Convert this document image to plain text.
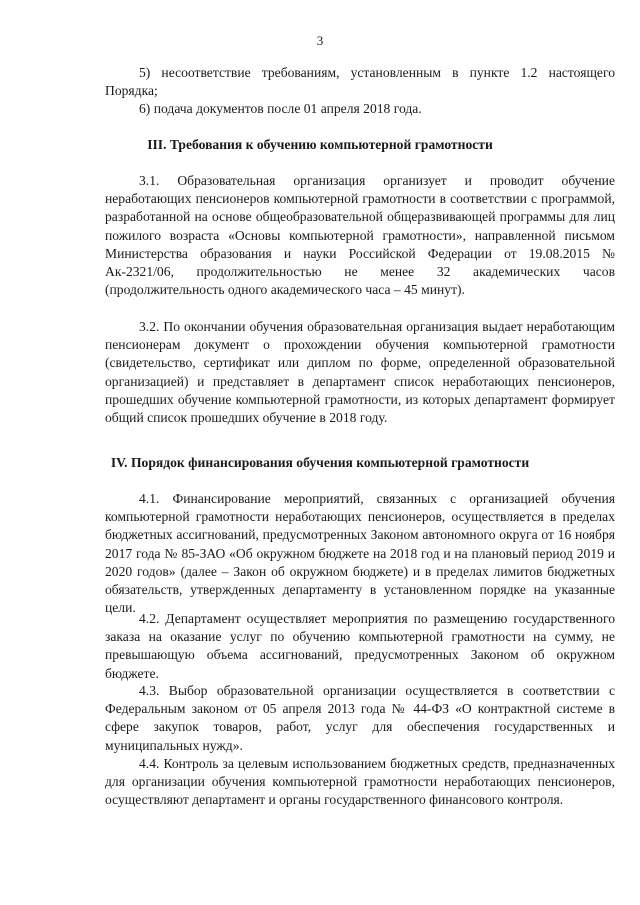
3

5) несоответствие требованиям, установленным в пункте 1.2 настоящего Порядка;

6) подача документов после 01 апреля 2018 года.

III. Требования к обучению компьютерной грамотности

3.1. Образовательная организация организует и проводит обучение неработающих пенсионеров компьютерной грамотности в соответствии с программой, разработанной на основе общеобразовательной общеразвивающей программы для лиц пожилого возраста «Основы компьютерной грамотности», направленной письмом Министерства образования и науки Российской Федерации от 19.08.2015 № Ак-2321/06, продолжительностью не менее 32 академических часов (продолжительность одного академического часа – 45 минут).

3.2. По окончании обучения образовательная организация выдает неработающим пенсионерам документ о прохождении обучения компьютерной грамотности (свидетельство, сертификат или диплом по форме, определенной образовательной организацией) и представляет в департамент список неработающих пенсионеров, прошедших обучение компьютерной грамотности, из которых департамент формирует общий список прошедших обучение в 2018 году.

IV. Порядок финансирования обучения компьютерной грамотности

4.1. Финансирование мероприятий, связанных с организацией обучения компьютерной грамотности неработающих пенсионеров, осуществляется в пределах бюджетных ассигнований, предусмотренных Законом автономного округа от 16 ноября 2017 года № 85-ЗАО «Об окружном бюджете на 2018 год и на плановый период 2019 и 2020 годов» (далее – Закон об окружном бюджете) и в пределах лимитов бюджетных обязательств, утвержденных департаменту в установленном порядке на указанные цели.

4.2. Департамент осуществляет мероприятия по размещению государственного заказа на оказание услуг по обучению компьютерной грамотности на сумму, не превышающую объема ассигнований, предусмотренных Законом об окружном бюджете.

4.3. Выбор образовательной организации осуществляется в соответствии с Федеральным законом от 05 апреля 2013 года № 44-ФЗ «О контрактной системе в сфере закупок товаров, работ, услуг для обеспечения государственных и муниципальных нужд».

4.4. Контроль за целевым использованием бюджетных средств, предназначенных для организации обучения компьютерной грамотности неработающих пенсионеров, осуществляют департамент и органы государственного финансового контроля.
